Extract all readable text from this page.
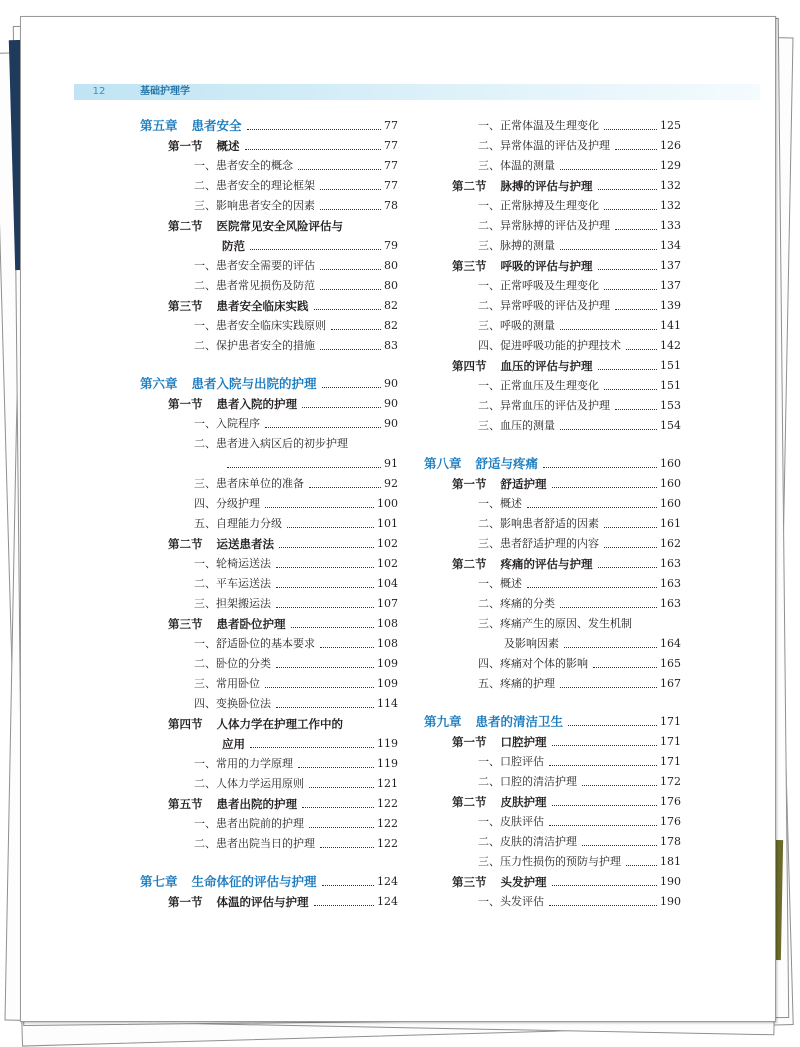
12	基础护理学
第五章 患者安全	77
第一节 概述	77
一、患者安全的概念	77
二、患者安全的理论框架	77
三、影响患者安全的因素	78
第二节 医院常见安全风险评估与
防范	79
一、患者安全需要的评估	80
二、患者常见损伤及防范	80
第三节 患者安全临床实践	82
一、患者安全临床实践原则	82
二、保护患者安全的措施	83
第六章 患者入院与出院的护理	90
第一节 患者入院的护理	90
一、入院程序	90
二、患者进入病区后的初步护理
91
三、患者床单位的准备	92
四、分级护理	100
五、自理能力分级	101
第二节 运送患者法	102
一、轮椅运送法	102
二、平车运送法	104
三、担架搬运法	107
第三节 患者卧位护理	108
一、舒适卧位的基本要求	108
二、卧位的分类	109
三、常用卧位	109
四、变换卧位法	114
第四节 人体力学在护理工作中的
应用	119
一、常用的力学原理	119
二、人体力学运用原则	121
第五节 患者出院的护理	122
一、患者出院前的护理	122
二、患者出院当日的护理	122
第七章 生命体征的评估与护理	124
第一节 体温的评估与护理	124
一、正常体温及生理变化	125
二、异常体温的评估及护理	126
三、体温的测量	129
第二节 脉搏的评估与护理	132
一、正常脉搏及生理变化	132
二、异常脉搏的评估及护理	133
三、脉搏的测量	134
第三节 呼吸的评估与护理	137
一、正常呼吸及生理变化	137
二、异常呼吸的评估及护理	139
三、呼吸的测量	141
四、促进呼吸功能的护理技术	142
第四节 血压的评估与护理	151
一、正常血压及生理变化	151
二、异常血压的评估及护理	153
三、血压的测量	154
第八章 舒适与疼痛	160
第一节 舒适护理	160
一、概述	160
二、影响患者舒适的因素	161
三、患者舒适护理的内容	162
第二节 疼痛的评估与护理	163
一、概述	163
二、疼痛的分类	163
三、疼痛产生的原因、发生机制
及影响因素	164
四、疼痛对个体的影响	165
五、疼痛的护理	167
第九章 患者的清洁卫生	171
第一节 口腔护理	171
一、口腔评估	171
二、口腔的清洁护理	172
第二节 皮肤护理	176
一、皮肤评估	176
二、皮肤的清洁护理	178
三、压力性损伤的预防与护理	181
第三节 头发护理	190
一、头发评估	190
